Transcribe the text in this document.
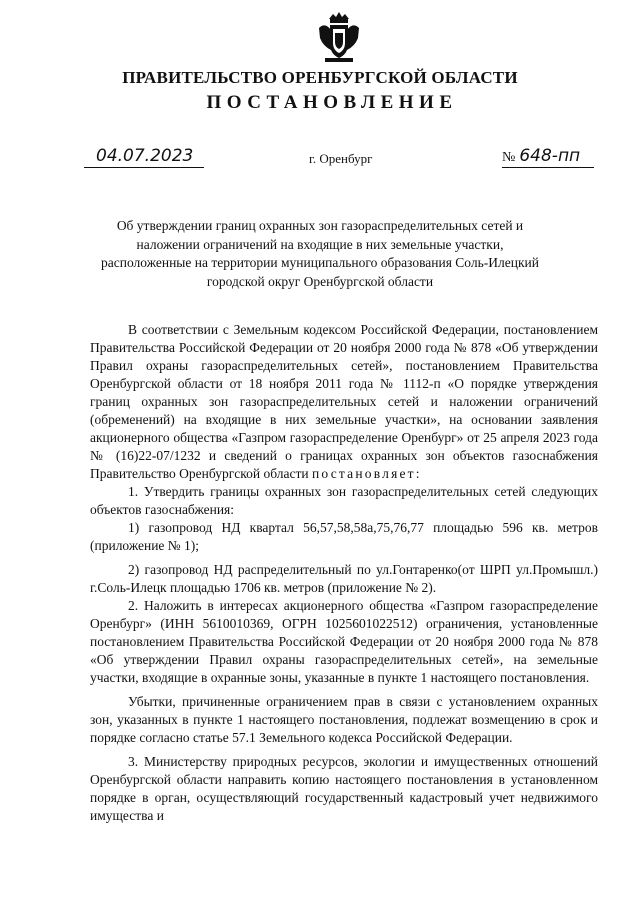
ПРАВИТЕЛЬСТВО ОРЕНБУРГСКОЙ ОБЛАСТИ
ПОСТАНОВЛЕНИЕ
04.07.2023	г. Оренбург	№ 648-пп
Об утверждении границ охранных зон газораспределительных сетей и наложении ограничений на входящие в них земельные участки, расположенные на территории муниципального образования Соль-Илецкий городской округ Оренбургской области

В соответствии с Земельным кодексом Российской Федерации, постановлением Правительства Российской Федерации от 20 ноября 2000 года № 878 «Об утверждении Правил охраны газораспределительных сетей», постановлением Правительства Оренбургской области от 18 ноября 2011 года № 1112-п «О порядке утверждения границ охранных зон газораспределительных сетей и наложении ограничений (обременений) на входящие в них земельные участки», на основании заявления акционерного общества «Газпром газораспределение Оренбург» от 25 апреля 2023 года № (16)22-07/1232 и сведений о границах охранных зон объектов газоснабжения Правительство Оренбургской области постановляет:

1. Утвердить границы охранных зон газораспределительных сетей следующих объектов газоснабжения:

1) газопровод НД квартал 56,57,58,58а,75,76,77 площадью 596 кв. метров (приложение № 1);

2) газопровод НД распределительный по ул.Гонтаренко(от ШРП ул.Промышл.) г.Соль-Илецк площадью 1706 кв. метров (приложение № 2).

2. Наложить в интересах акционерного общества «Газпром газораспределение Оренбург» (ИНН 5610010369, ОГРН 1025601022512) ограничения, установленные постановлением Правительства Российской Федерации от 20 ноября 2000 года № 878 «Об утверждении Правил охраны газораспределительных сетей», на земельные участки, входящие в охранные зоны, указанные в пункте 1 настоящего постановления.

Убытки, причиненные ограничением прав в связи с установлением охранных зон, указанных в пункте 1 настоящего постановления, подлежат возмещению в срок и порядке согласно статье 57.1 Земельного кодекса Российской Федерации.

3. Министерству природных ресурсов, экологии и имущественных отношений Оренбургской области направить копию настоящего постановления в установленном порядке в орган, осуществляющий государственный кадастровый учет недвижимого имущества и
